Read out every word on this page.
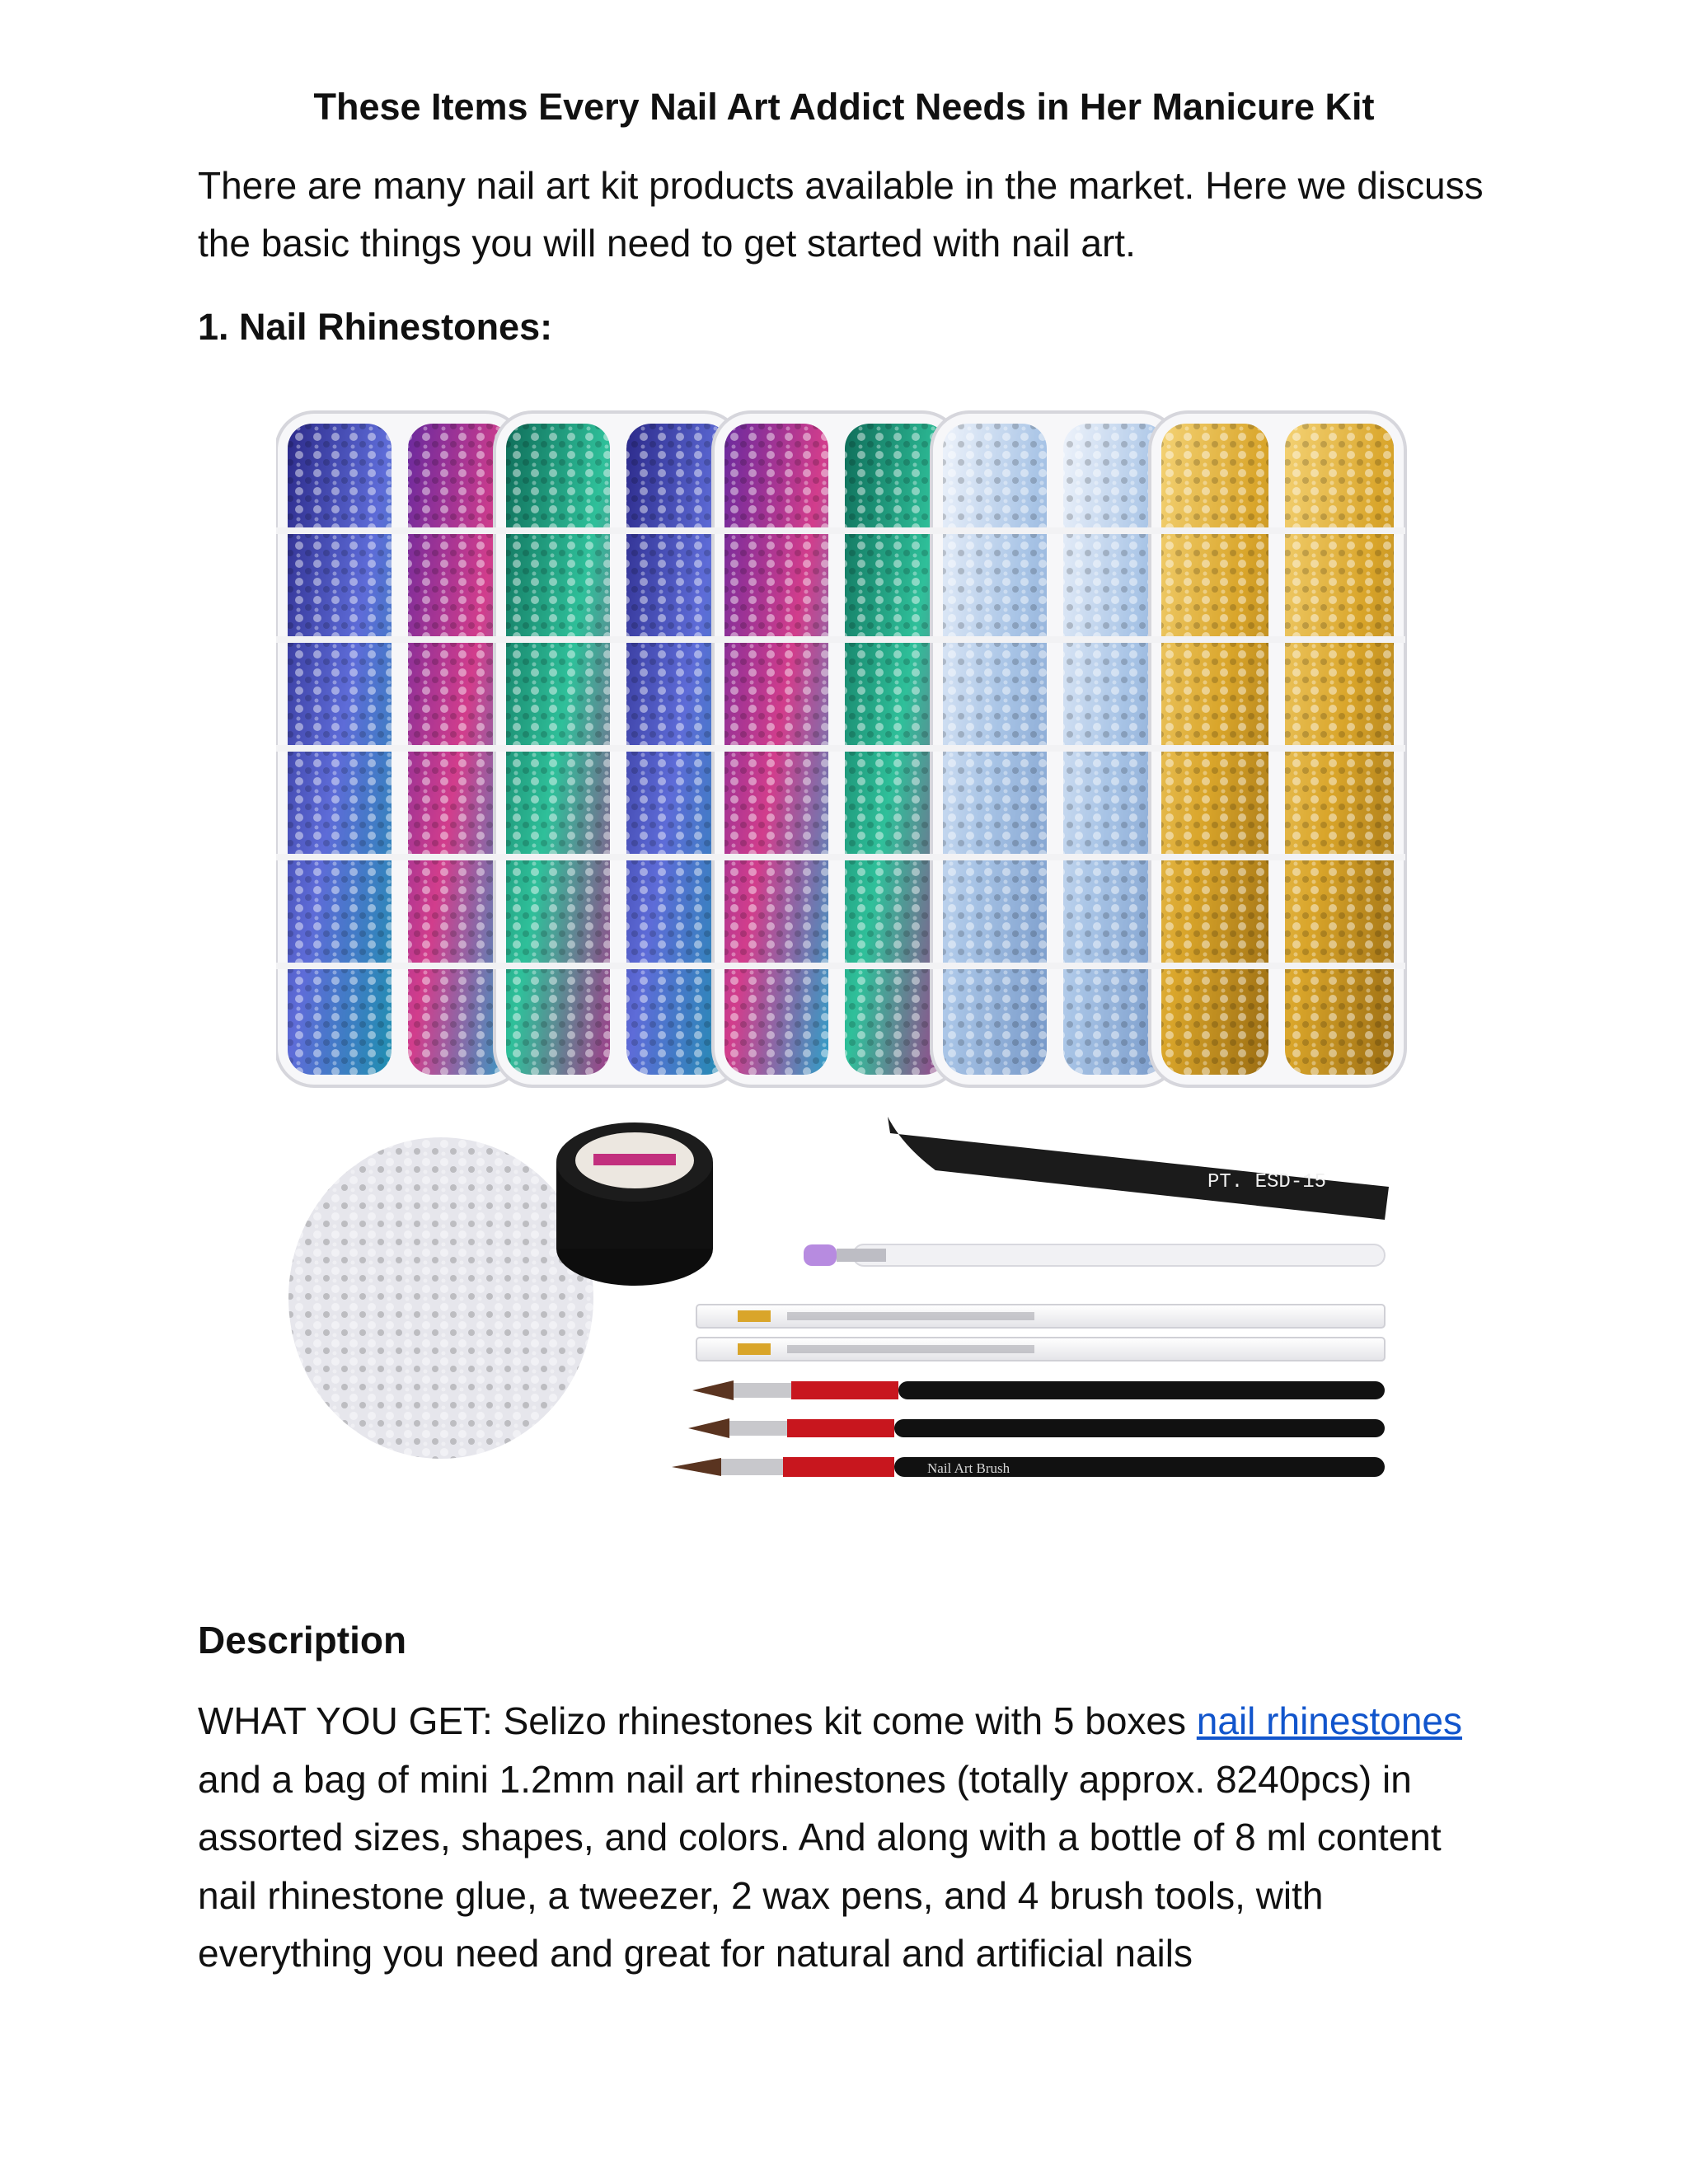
These Items Every Nail Art Addict Needs in Her Manicure Kit

There are many nail art kit products available in the market. Here we discuss the basic things you will need to get started with nail art.

1. Nail Rhinestones:
PT. ESD-15
Nail Art Brush
Description

WHAT YOU GET: Selizo rhinestones kit come with 5 boxes nail rhinestones and a bag of mini 1.2mm nail art rhinestones (totally approx. 8240pcs) in assorted sizes, shapes, and colors. And along with a bottle of 8 ml content nail rhinestone glue, a tweezer, 2 wax pens, and 4 brush tools, with everything you need and great for natural and artificial nails
